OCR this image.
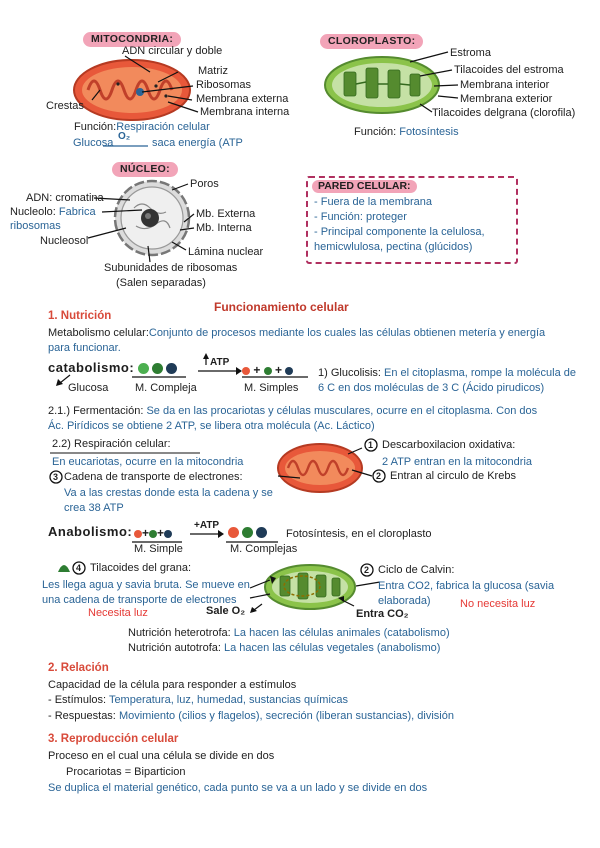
MITOCONDRIA:
ADN circular y doble
Matriz
Ribosomas
Crestas
Membrana externa
Membrana interna
Función:Respiración celular
Glucosa
O₂
saca energía (ATP
CLOROPLASTO:
Estroma
Tilacoides del estroma
Membrana interior
Membrana exterior
Tilacoides delgrana (clorofila)
Función: Fotosíntesis
NÚCLEO:
ADN: cromatina
Nucleolo: Fabrica
ribosomas
Nucleosol
Poros
Mb. Externa
Mb. Interna
Lámina nuclear
Subunidades de ribosomas
(Salen separadas)
PARED CELULAR:
- Fuera de la membrana
- Función: proteger
- Principal componente la celulosa,
hemicwlulosa, pectina (glúcidos)
Funcionamiento celular
1. Nutrición
Metabolismo celular:Conjunto de procesos mediante los cuales las células obtienen metería y energía
para funcionar.
catabolismo:
	ATP
+  +
Glucosa M. Compleja	M. Simples
1) Glucolisis: En el citoplasma, rompe la molécula de
6 C en dos moléculas de 3 C (Ácido pirudicos)
2.1.) Fermentación: Se da en las procariotas y células musculares, ocurre en el citoplasma. Con dos
Ác. Pirídicos se obtiene 2 ATP, se libera otra molécula (Ac. Láctico)
2.2) Respiración celular:
En eucariotas, ocurre en la mitocondria
1 Descarboxilacion oxidativa:
2 ATP entran en la mitocondria
2 Entran al circulo de Krebs
3 Cadena de transporte de electrones:
Va a las crestas donde esta la cadena y se
crea 38 ATP
Anabolismo: + +
+ATP

M. Simple	M. Complejas
Fotosíntesis, en el cloroplasto
4 Tilacoides del grana:
Les llega agua y savia bruta. Se mueve en
una cadena de transporte de electrones
Necesita luz	Sale O₂
2 Ciclo de Calvin:
Entra CO2, fabrica la glucosa (savia
elaborada)	No necesita luz
Entra CO₂
Nutrición heterotrofa: La hacen las células animales (catabolismo)
Nutrición autotrofa: La hacen las células vegetales (anabolismo)
2. Relación
Capacidad de la célula para responder a estímulos
- Estímulos: Temperatura, luz, humedad, sustancias químicas
- Respuestas: Movimiento (cilios y flagelos), secreción (liberan sustancias), división
3. Reproducción celular
Proceso en el cual una célula se divide en dos
Procariotas = Biparticion
Se duplica el material genético, cada punto se va a un lado y se divide en dos
